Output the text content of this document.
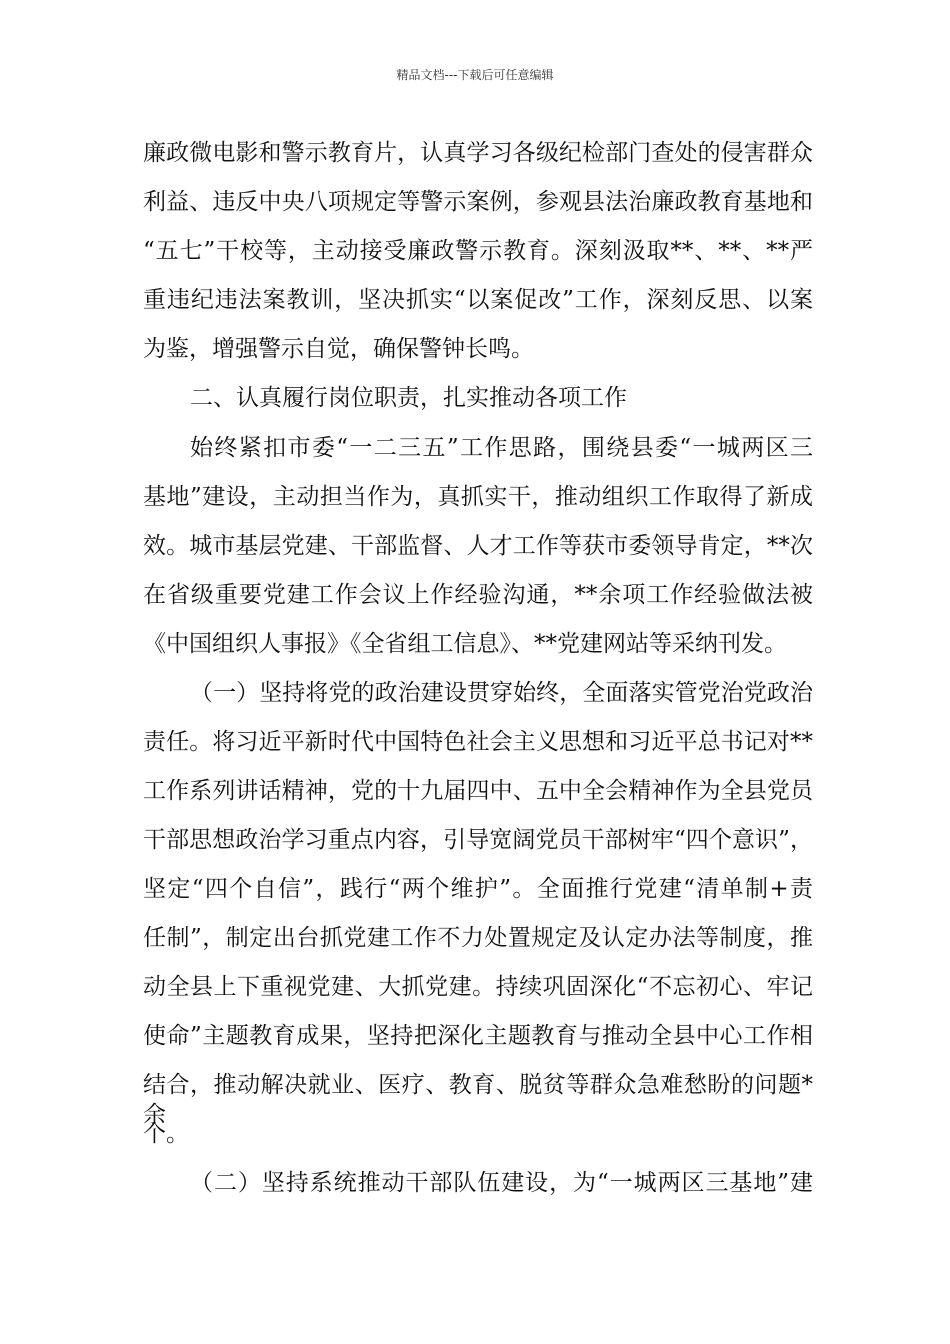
精品文档---下载后可任意编辑
廉政微电影和警示教育片，认真学习各级纪检部门查处的侵害群众
利益、违反中央八项规定等警示案例，参观县法治廉政教育基地和
“五七”干校等，主动接受廉政警示教育。深刻汲取**、**、**严
重违纪违法案教训，坚决抓实“以案促改”工作，深刻反思、以案
为鉴，增强警示自觉，确保警钟长鸣。
二、认真履行岗位职责，扎实推动各项工作
始终紧扣市委“一二三五”工作思路，围绕县委“一城两区三
基地”建设，主动担当作为，真抓实干，推动组织工作取得了新成
效。城市基层党建、干部监督、人才工作等获市委领导肯定，**次
在省级重要党建工作会议上作经验沟通，**余项工作经验做法被
《中国组织人事报》《全省组工信息》、**党建网站等采纳刊发。
（一）坚持将党的政治建设贯穿始终，全面落实管党治党政治
责任。将习近平新时代中国特色社会主义思想和习近平总书记对**
工作系列讲话精神，党的十九届四中、五中全会精神作为全县党员
干部思想政治学习重点内容，引导宽阔党员干部树牢“四个意识”，
坚定“四个自信”，践行“两个维护”。全面推行党建“清单制+责
任制”，制定出台抓党建工作不力处置规定及认定办法等制度，推
动全县上下重视党建、大抓党建。持续巩固深化“不忘初心、牢记
使命”主题教育成果，坚持把深化主题教育与推动全县中心工作相
结合，推动解决就业、医疗、教育、脱贫等群众急难愁盼的问题*余
个。
（二）坚持系统推动干部队伍建设，为“一城两区三基地”建
